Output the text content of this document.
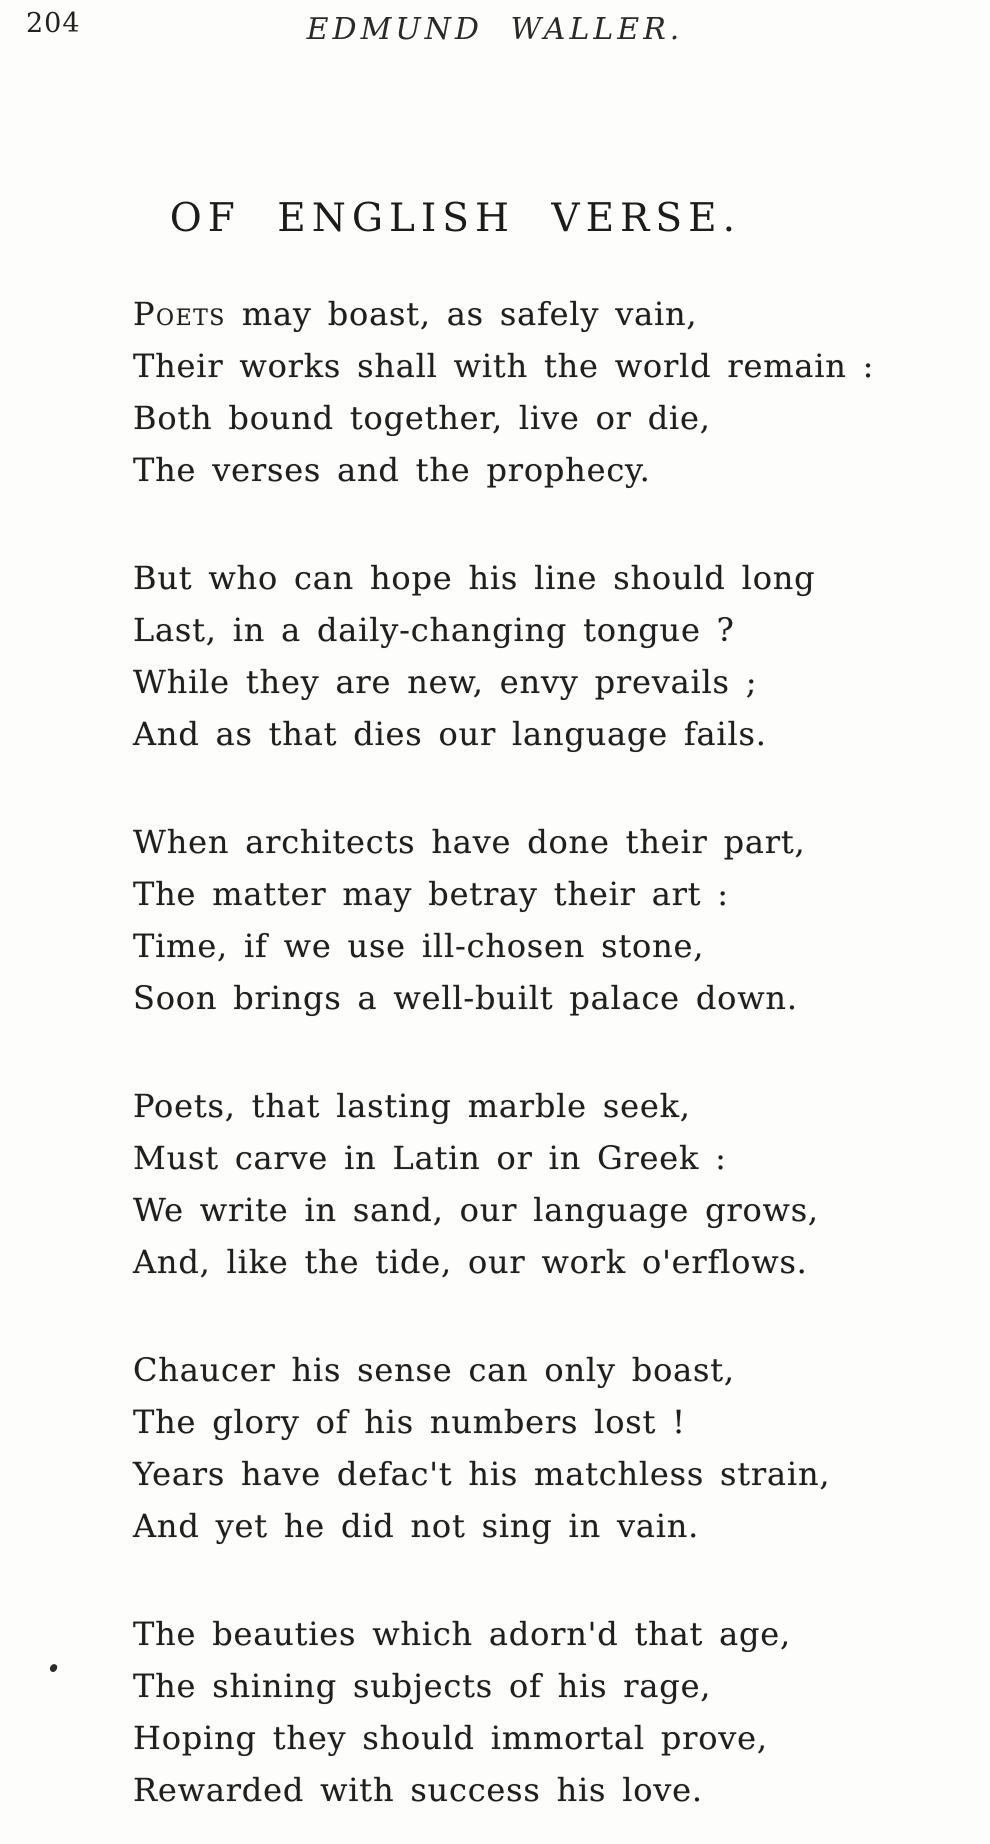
204	EDMUND WALLER.
OF ENGLISH VERSE.
Poets may boast, as safely vain,
Their works shall with the world remain :
Both bound together, live or die,
The verses and the prophecy.
But who can hope his line should long
Last, in a daily-changing tongue ?
While they are new, envy prevails ;
And as that dies our language fails.
When architects have done their part,
The matter may betray their art :
Time, if we use ill-chosen stone,
Soon brings a well-built palace down.
Poets, that lasting marble seek,
Must carve in Latin or in Greek :
We write in sand, our language grows,
And, like the tide, our work o'erflows.
Chaucer his sense can only boast,
The glory of his numbers lost !
Years have defac't his matchless strain,
And yet he did not sing in vain.
The beauties which adorn'd that age,
The shining subjects of his rage,
Hoping they should immortal prove,
Rewarded with success his love.
